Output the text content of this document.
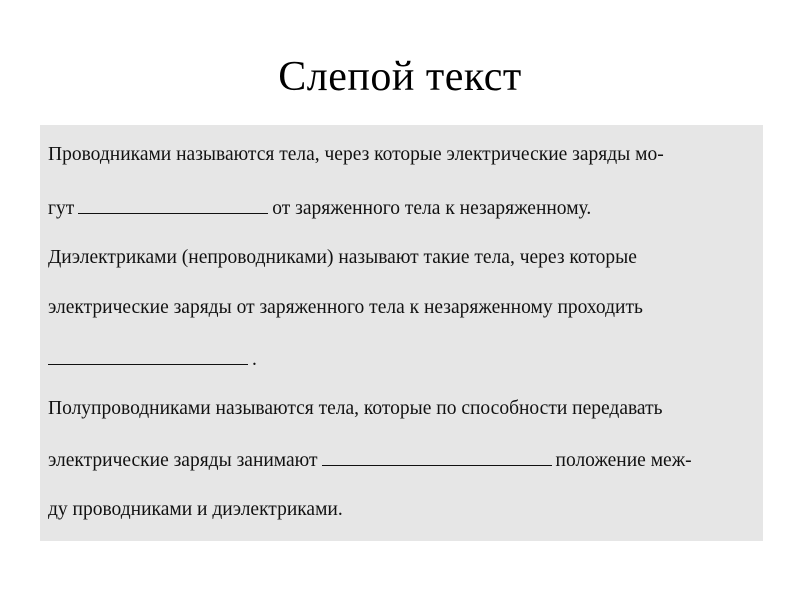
Слепой текст
Проводниками называются тела, через которые электрические заряды мо-
гут	от заряженного тела к незаряженному.
Диэлектриками (непроводниками) называют такие тела, через которые
электрические заряды от заряженного тела к незаряженному проходить
.
Полупроводниками называются тела, которые по способности передавать
электрические заряды занимают	положение меж-
ду проводниками и диэлектриками.
